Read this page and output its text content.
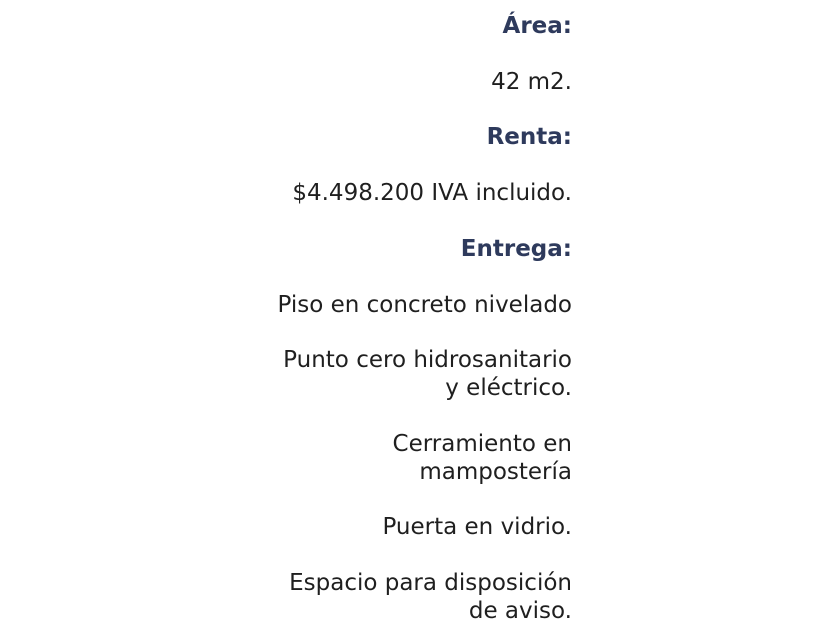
Área:
42 m2.
Renta:
$4.498.200 IVA incluido.
Entrega:
Piso en concreto nivelado
Punto cero hidrosanitario
y eléctrico.
Cerramiento en
mampostería
Puerta en vidrio.
Espacio para disposición
de aviso.
